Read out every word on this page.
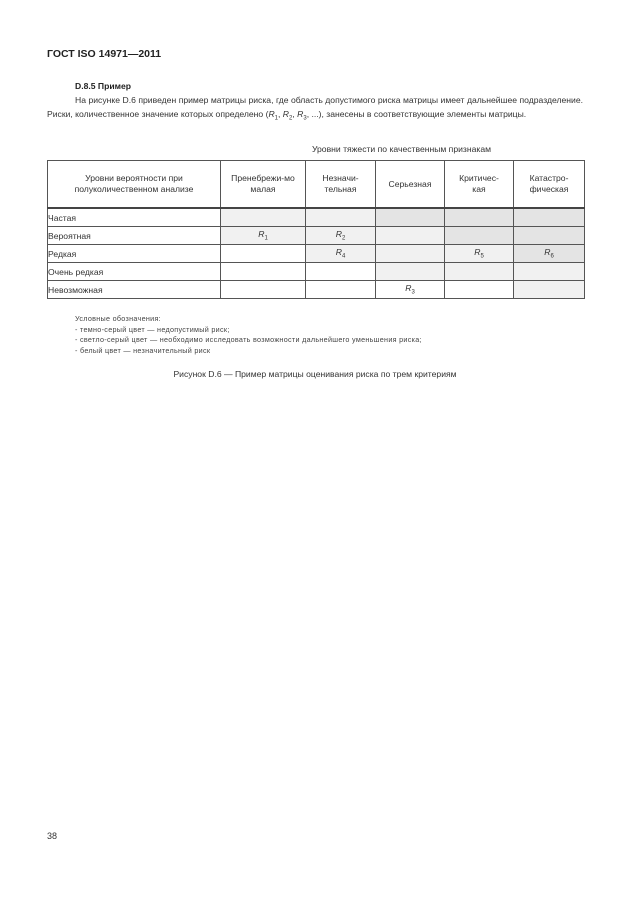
ГОСТ ISO 14971—2011
D.8.5 Пример
На рисунке D.6 приведен пример матрицы риска, где область допустимого риска матрицы имеет дальнейшее подразделение. Риски, количественное значение которых определено ($R_1$, $R_2$, $R_3$, ...), занесены в соответствующие элементы матрицы.
Уровни тяжести по качественным признакам
Уровни вероятности при полуколичественном анализе	Пренебрежи-мо малая	Незначи-тельная	Серьезная	Критичес-кая	Катастро-фическая

Частая					
Вероятная	$R_1$	$R_2$			
Редкая		$R_4$		$R_5$	$R_6$
Очень редкая					
Невозможная			$R_3$		
Условные обозначения:
- темно-серый цвет — недопустимый риск;
- светло-серый цвет — необходимо исследовать возможности дальнейшего уменьшения риска;
- белый цвет — незначительный риск
Рисунок D.6 — Пример матрицы оценивания риска по трем критериям
38
